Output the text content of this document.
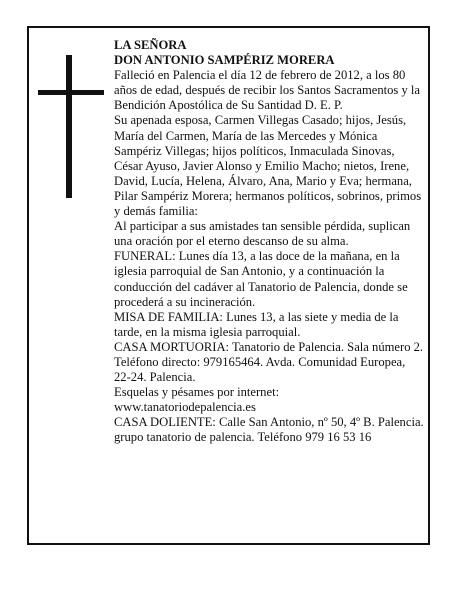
LA SEÑORA

DON ANTONIO SAMPÉRIZ MORERA

Falleció en Palencia el día 12 de febrero de 2012, a los 80 años de edad, después de recibir los Santos Sacramentos y la Bendición Apostólica de Su Santidad D. E. P.

Su apenada esposa, Carmen Villegas Casado; hijos, Jesús, María del Carmen, María de las Mercedes y Mónica Sampériz Villegas; hijos políticos, Inmaculada Sinovas, César Ayuso, Javier Alonso y Emilio Macho; nietos, Irene, David, Lucía, Helena, Álvaro, Ana, Mario y Eva; hermana, Pilar Sampériz Morera; hermanos políticos, sobrinos, primos y demás familia:

Al participar a sus amistades tan sensible pérdida, suplican una oración por el eterno descanso de su alma.

FUNERAL: Lunes día 13, a las doce de la mañana, en la iglesia parroquial de San Antonio, y a continuación la conducción del cadáver al Tanatorio de Palencia, donde se procederá a su incineración.

MISA DE FAMILIA: Lunes 13, a las siete y media de la tarde, en la misma iglesia parroquial.

CASA MORTUORIA: Tanatorio de Palencia. Sala número 2. Teléfono directo: 979165464. Avda. Comunidad Europea, 22-24. Palencia.

Esquelas y pésames por internet: www.tanatoriodepalencia.es

CASA DOLIENTE: Calle San Antonio, nº 50, 4º B. Palencia.

grupo tanatorio de palencia. Teléfono 979 16 53 16
